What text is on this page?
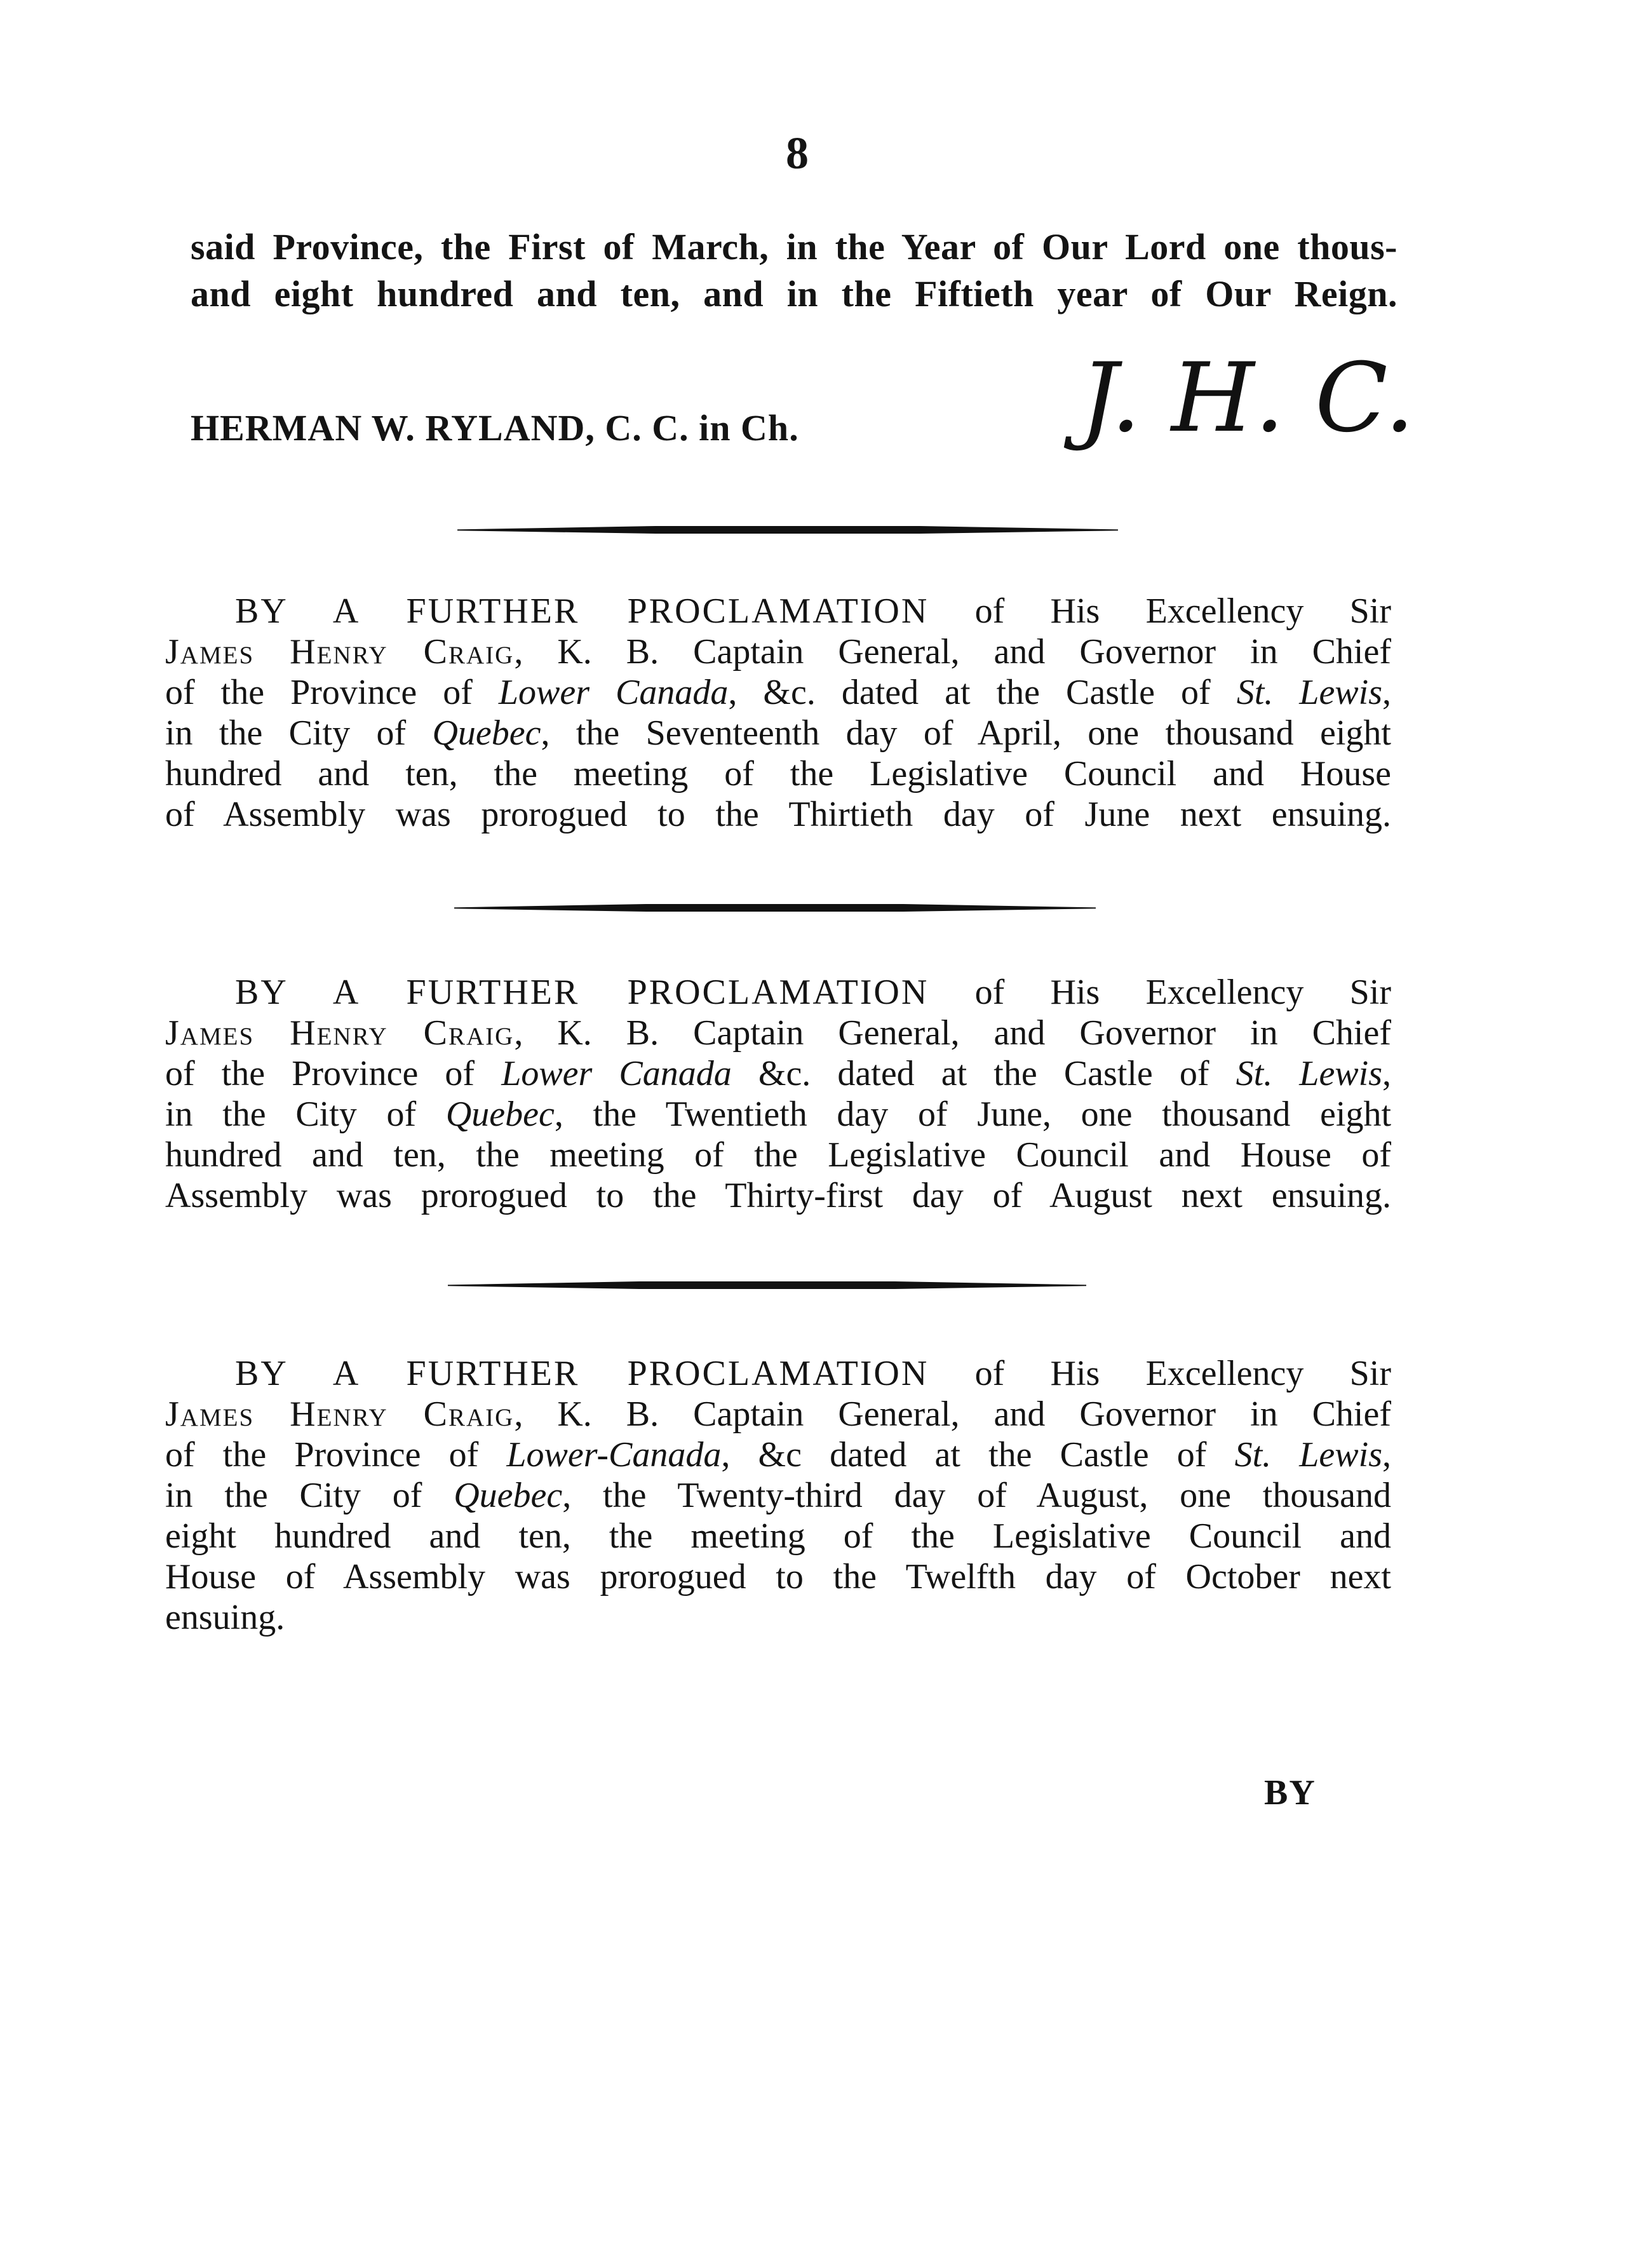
8
said Province, the First of March, in the Year of Our Lord one thous-
and eight hundred and ten, and in the Fiftieth year of Our Reign.
HERMAN W. RYLAND, C. C. in Ch.	J. H. C.
BY A FURTHER PROCLAMATION of His Excellency Sir
James Henry Craig, K. B. Captain General, and Governor in Chief
of the Province of Lower Canada, &c. dated at the Castle of St. Lewis,
in the City of Quebec, the Seventeenth day of April, one thousand eight
hundred and ten, the meeting of the Legislative Council and House
of Assembly was prorogued to the Thirtieth day of June next ensuing.
BY A FURTHER PROCLAMATION of His Excellency Sir
James Henry Craig, K. B. Captain General, and Governor in Chief
of the Province of Lower Canada &c. dated at the Castle of St. Lewis,
in the City of Quebec, the Twentieth day of June, one thousand eight
hundred and ten, the meeting of the Legislative Council and House of
Assembly was prorogued to the Thirty-first day of August next ensuing.
BY A FURTHER PROCLAMATION of His Excellency Sir
James Henry Craig, K. B. Captain General, and Governor in Chief
of the Province of Lower-Canada, &c dated at the Castle of St. Lewis,
in the City of Quebec, the Twenty-third day of August, one thousand
eight hundred and ten, the meeting of the Legislative Council and
House of Assembly was prorogued to the Twelfth day of October next
ensuing.
BY
